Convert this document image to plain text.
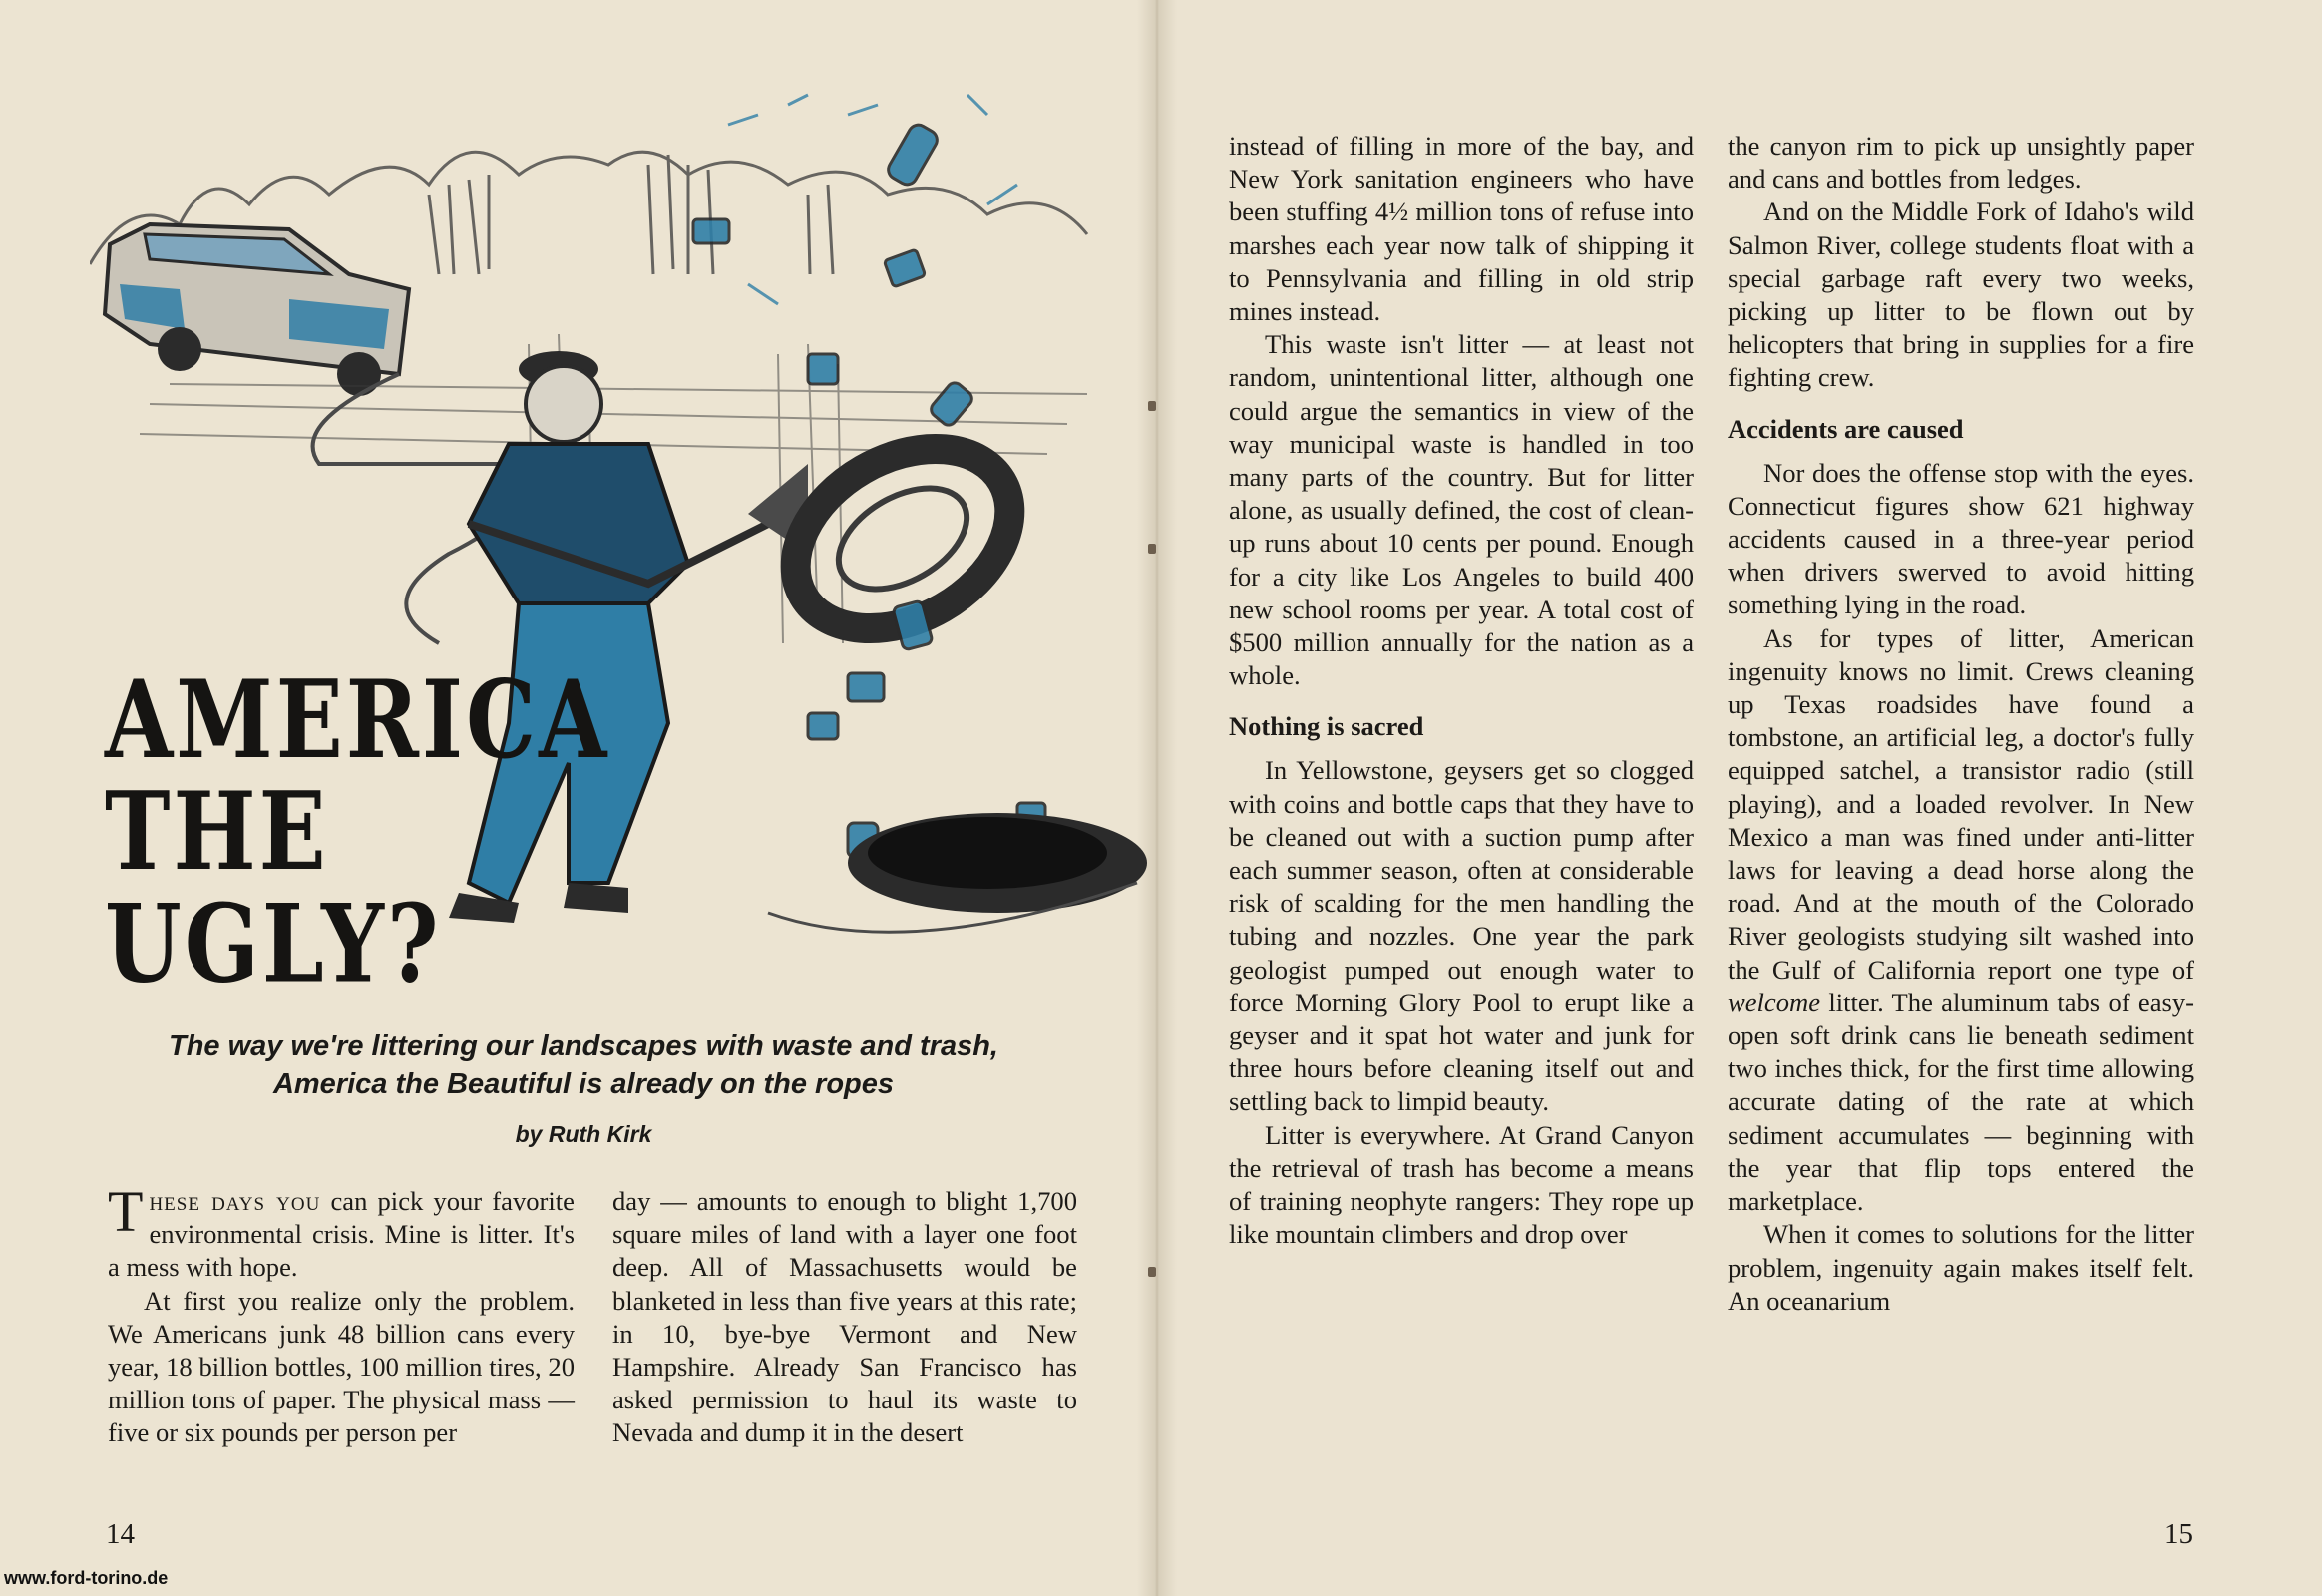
AMERICA
THE
UGLY?

The way we're littering our landscapes with waste and trash, America the Beautiful is already on the ropes

by Ruth Kirk

These days you can pick your favorite environmental crisis. Mine is litter. It's a mess with hope.

At first you realize only the problem. We Americans junk 48 billion cans every year, 18 billion bottles, 100 million tires, 20 million tons of paper. The physical mass — five or six pounds per person per

day — amounts to enough to blight 1,700 square miles of land with a layer one foot deep. All of Massachusetts would be blanketed in less than five years at this rate; in 10, bye-bye Vermont and New Hampshire. Already San Francisco has asked permission to haul its waste to Nevada and dump it in the desert

instead of filling in more of the bay, and New York sanitation engineers who have been stuffing 4½ million tons of refuse into marshes each year now talk of shipping it to Pennsylvania and filling in old strip mines instead.

This waste isn't litter — at least not random, unintentional litter, although one could argue the semantics in view of the way municipal waste is handled in too many parts of the country. But for litter alone, as usually defined, the cost of clean-up runs about 10 cents per pound. Enough for a city like Los Angeles to build 400 new school rooms per year. A total cost of $500 million annually for the nation as a whole.

Nothing is sacred

In Yellowstone, geysers get so clogged with coins and bottle caps that they have to be cleaned out with a suction pump after each summer season, often at considerable risk of scalding for the men handling the tubing and nozzles. One year the park geologist pumped out enough water to force Morning Glory Pool to erupt like a geyser and it spat hot water and junk for three hours before cleaning itself out and settling back to limpid beauty.

Litter is everywhere. At Grand Canyon the retrieval of trash has become a means of training neophyte rangers: They rope up like mountain climbers and drop over

the canyon rim to pick up unsightly paper and cans and bottles from ledges.

And on the Middle Fork of Idaho's wild Salmon River, college students float with a special garbage raft every two weeks, picking up litter to be flown out by helicopters that bring in supplies for a fire fighting crew.

Accidents are caused

Nor does the offense stop with the eyes. Connecticut figures show 621 highway accidents caused in a three-year period when drivers swerved to avoid hitting something lying in the road.

As for types of litter, American ingenuity knows no limit. Crews cleaning up Texas roadsides have found a tombstone, an artificial leg, a doctor's fully equipped satchel, a transistor radio (still playing), and a loaded revolver. In New Mexico a man was fined under anti-litter laws for leaving a dead horse along the road. And at the mouth of the Colorado River geologists studying silt washed into the Gulf of California report one type of welcome litter. The aluminum tabs of easy-open soft drink cans lie beneath sediment two inches thick, for the first time allowing accurate dating of the rate at which sediment accumulates — beginning with the year that flip tops entered the marketplace.

When it comes to solutions for the litter problem, ingenuity again makes itself felt. An oceanarium

14	15
www.ford-torino.de
